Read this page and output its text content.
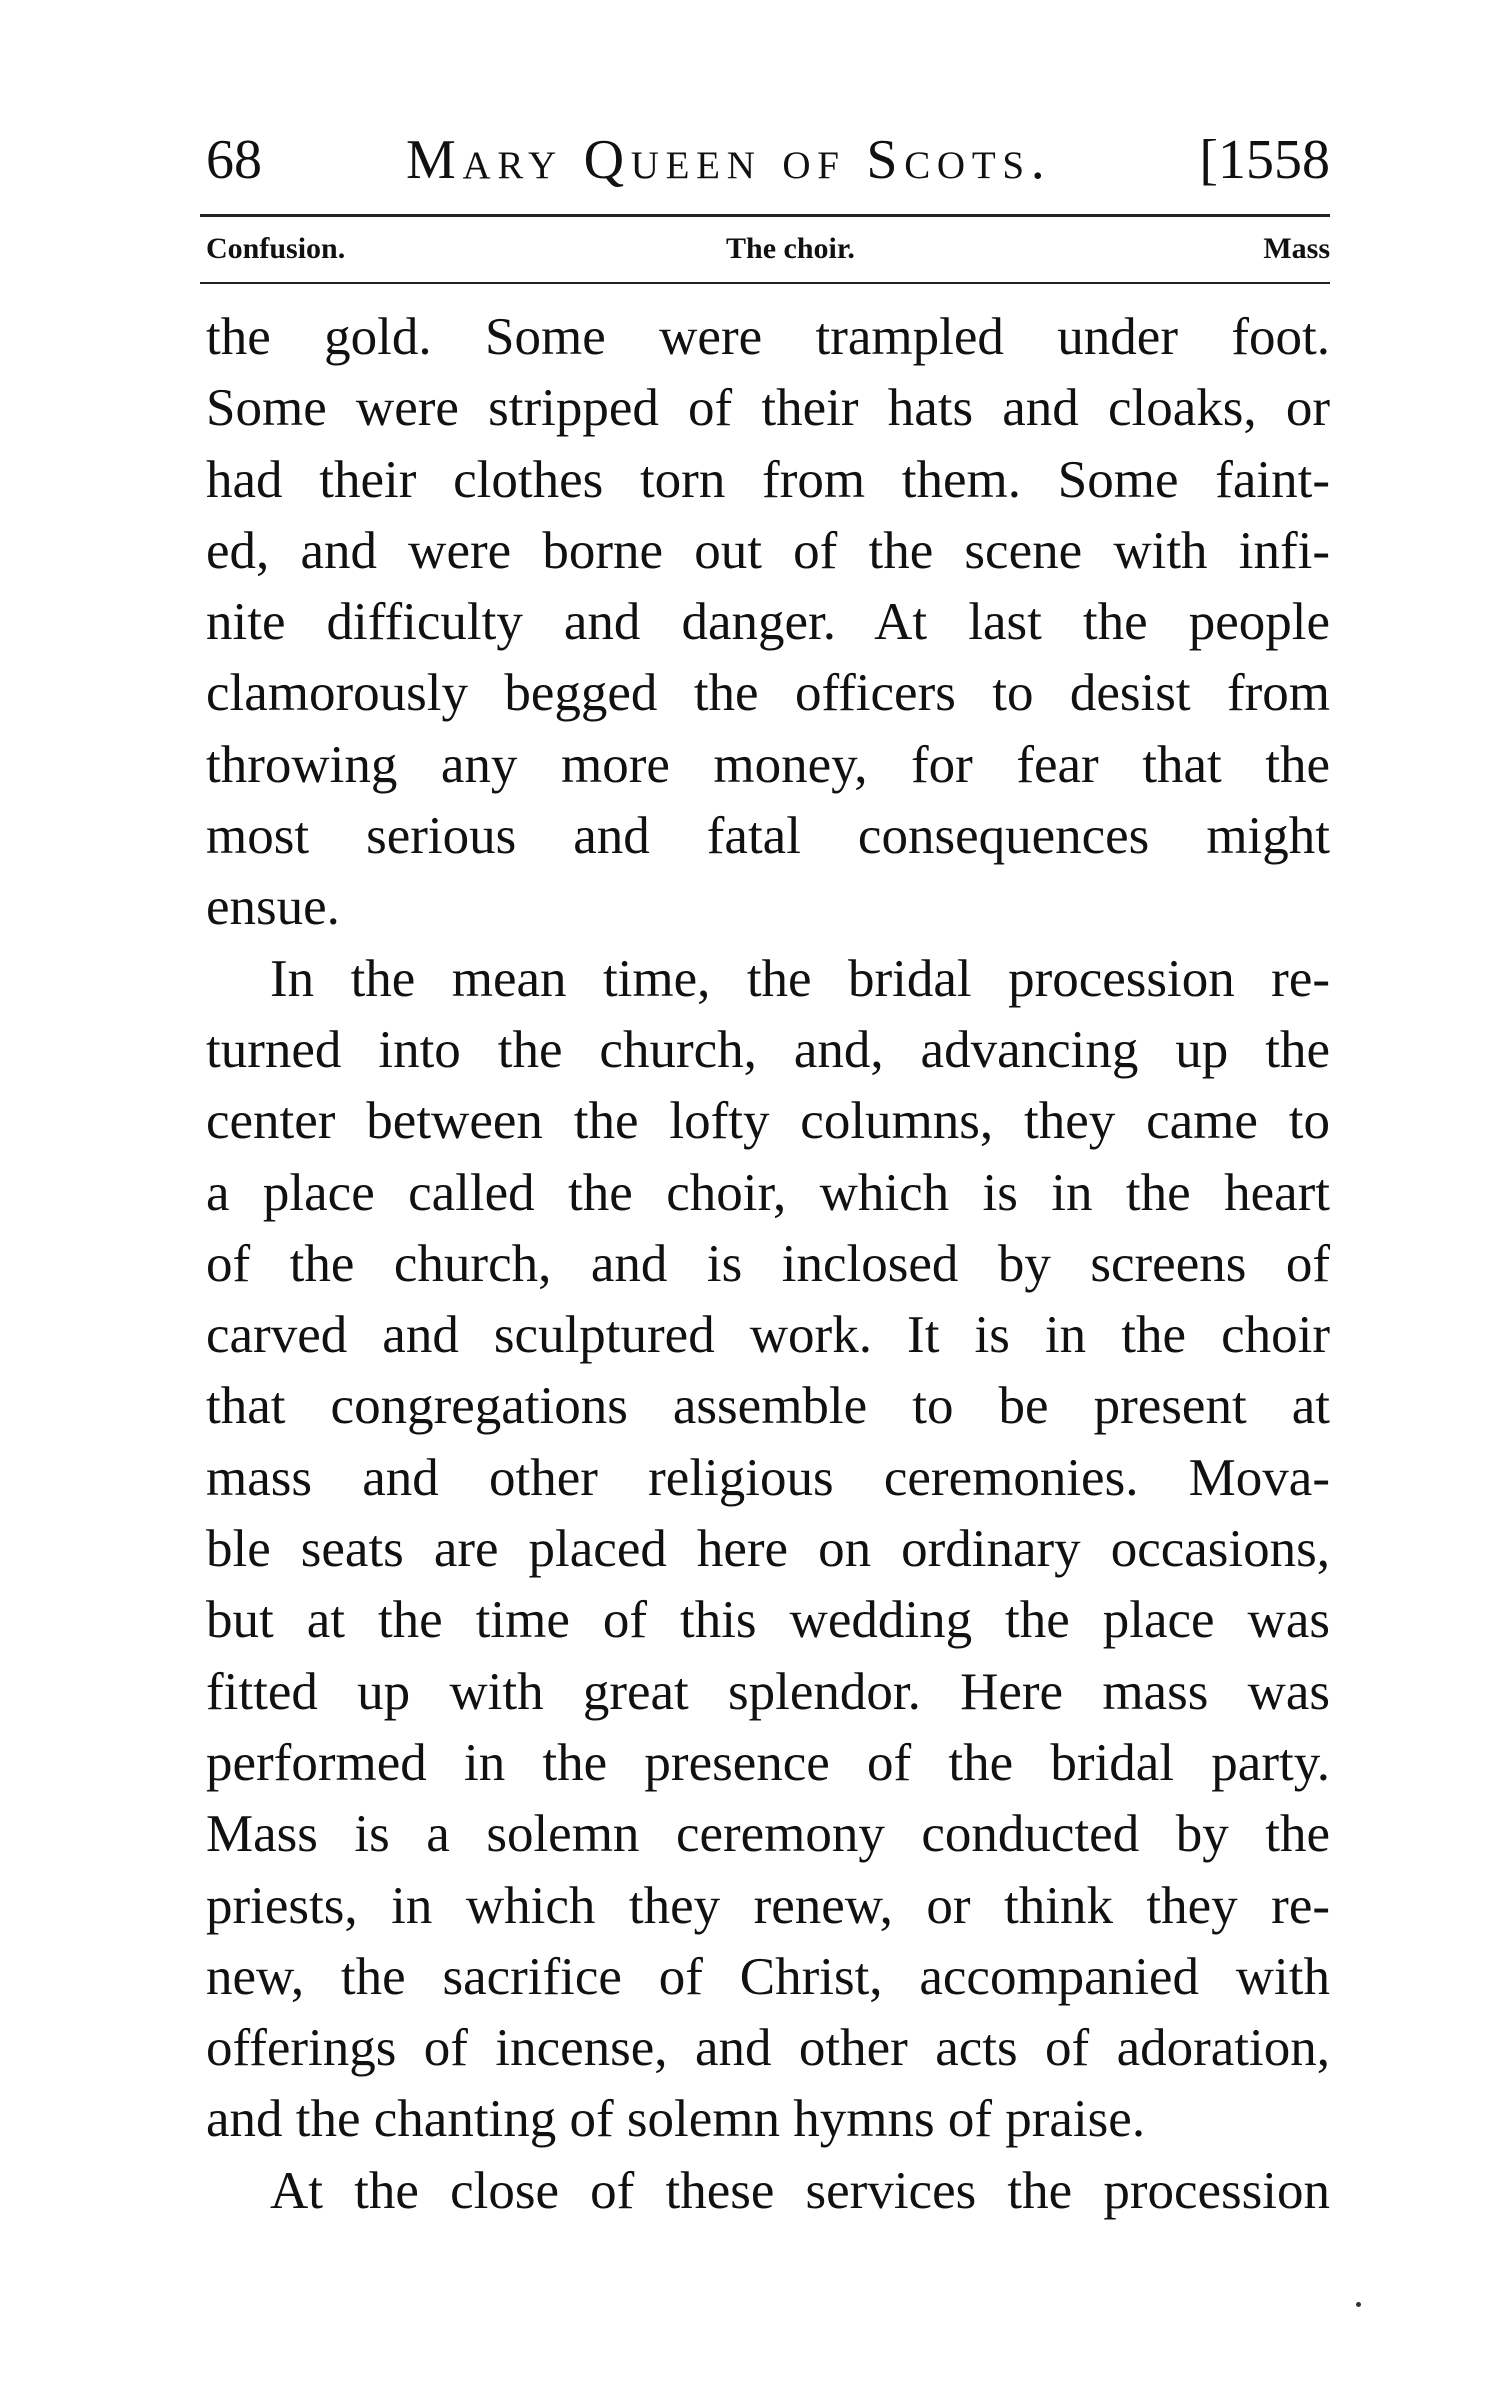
68	Mary Queen of Scots.	[1558
Confusion.	The choir.	Mass
the gold. Some were trampled under foot.
Some were stripped of their hats and cloaks, or
had their clothes torn from them. Some faint-
ed, and were borne out of the scene with infi-
nite difficulty and danger. At last the people
clamorously begged the officers to desist from
throwing any more money, for fear that the
most serious and fatal consequences might
ensue.
In the mean time, the bridal procession re-
turned into the church, and, advancing up the
center between the lofty columns, they came to
a place called the choir, which is in the heart
of the church, and is inclosed by screens of
carved and sculptured work. It is in the choir
that congregations assemble to be present at
mass and other religious ceremonies. Mova-
ble seats are placed here on ordinary occasions,
but at the time of this wedding the place was
fitted up with great splendor. Here mass was
performed in the presence of the bridal party.
Mass is a solemn ceremony conducted by the
priests, in which they renew, or think they re-
new, the sacrifice of Christ, accompanied with
offerings of incense, and other acts of adoration,
and the chanting of solemn hymns of praise.
At the close of these services the procession
